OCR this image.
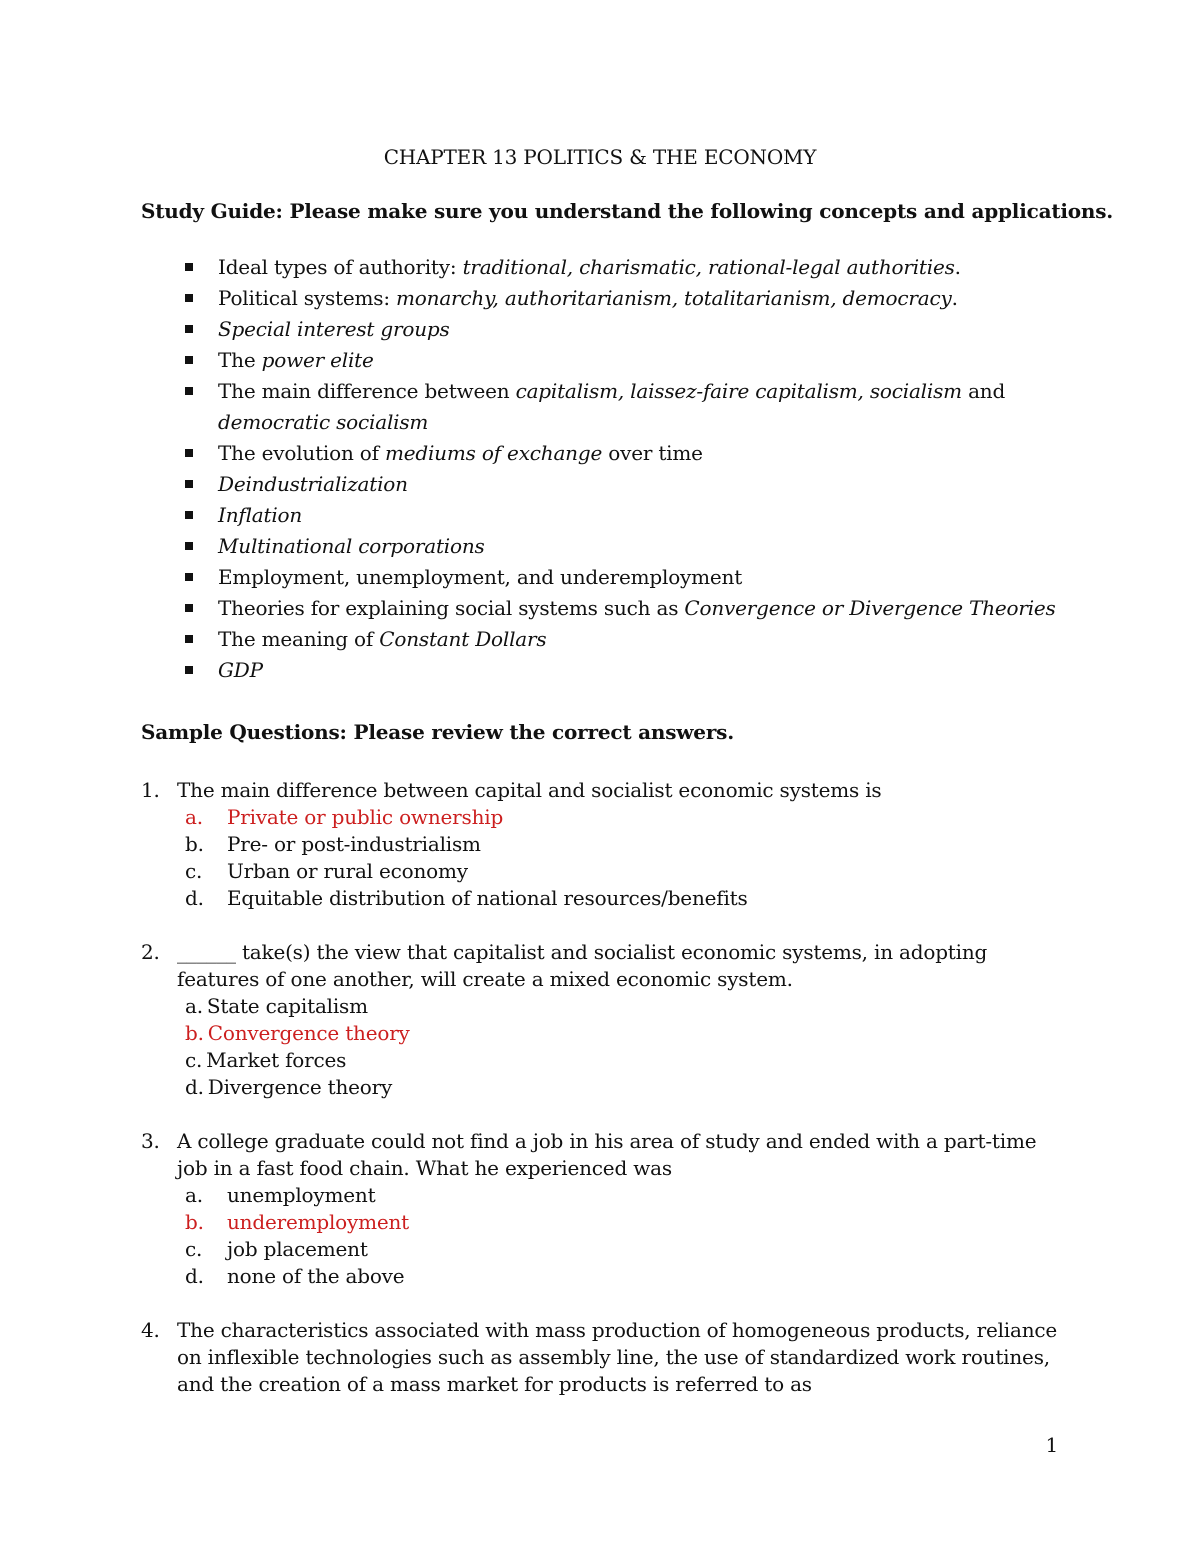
CHAPTER 13 POLITICS & THE ECONOMY
Study Guide: Please make sure you understand the following concepts and applications.
Ideal types of authority: traditional, charismatic, rational-legal authorities.
Political systems: monarchy, authoritarianism, totalitarianism, democracy.
Special interest groups
The power elite
The main difference between capitalism, laissez-faire capitalism, socialism and democratic socialism
The evolution of mediums of exchange over time
Deindustrialization
Inflation
Multinational corporations
Employment, unemployment, and underemployment
Theories for explaining social systems such as Convergence or Divergence Theories
The meaning of Constant Dollars
GDP
Sample Questions: Please review the correct answers.
1. The main difference between capital and socialist economic systems is
a. Private or public ownership
b. Pre- or post-industrialism
c. Urban or rural economy
d. Equitable distribution of national resources/benefits
2. ______ take(s) the view that capitalist and socialist economic systems, in adopting features of one another, will create a mixed economic system.
a. State capitalism
b. Convergence theory
c. Market forces
d. Divergence theory
3. A college graduate could not find a job in his area of study and ended with a part-time job in a fast food chain. What he experienced was
a. unemployment
b. underemployment
c. job placement
d. none of the above
4. The characteristics associated with mass production of homogeneous products, reliance on inflexible technologies such as assembly line, the use of standardized work routines, and the creation of a mass market for products is referred to as
1
